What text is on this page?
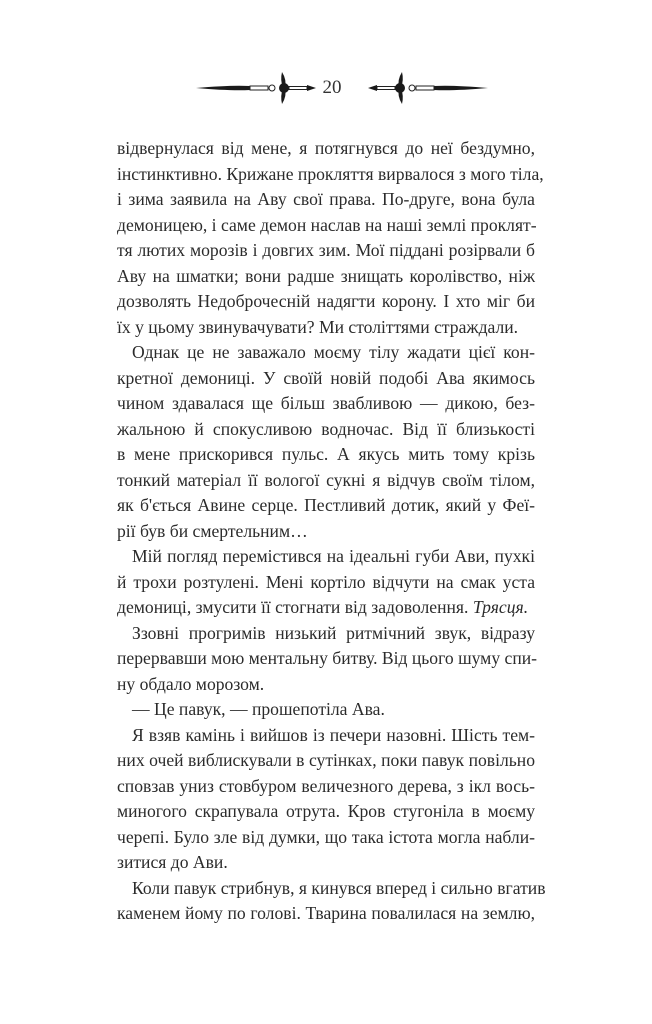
20
відвернулася від мене, я потягнувся до неї бездумно,
інстинктивно. Крижане прокляття вирвалося з мого тіла,
і зима заявила на Аву свої права. По-друге, вона була
демоницею, і саме демон наслав на наші землі проклят-
тя лютих морозів і довгих зим. Мої піддані розірвали б
Аву на шматки; вони радше знищать королівство, ніж
дозволять Недоброчесній надягти корону. І хто міг би
їх у цьому звинувачувати? Ми століттями страждали.
Однак це не заважало моєму тілу жадати цієї кон-
кретної демониці. У своїй новій подобі Ава якимось
чином здавалася ще більш звабливою — дикою, без-
жальною й спокусливою водночас. Від її близькості
в мене прискорився пульс. А якусь мить тому крізь
тонкий матеріал її вологої сукні я відчув своїм тілом,
як б'ється Авине серце. Пестливий дотик, який у Феї-
рії був би смертельним…
Мій погляд перемістився на ідеальні губи Ави, пухкі
й трохи розтулені. Мені кортіло відчути на смак уста
демониці, змусити її стогнати від задоволення. Трясця.
Ззовні прогримів низький ритмічний звук, відразу
перервавши мою ментальну битву. Від цього шуму спи-
ну обдало морозом.
— Це павук, — прошепотіла Ава.
Я взяв камінь і вийшов із печери назовні. Шість тем-
них очей виблискували в сутінках, поки павук повільно
сповзав униз стовбуром величезного дерева, з ікл вось-
миногого скрапувала отрута. Кров стугоніла в моєму
черепі. Було зле від думки, що така істота могла набли-
зитися до Ави.
Коли павук стрибнув, я кинувся вперед і сильно вгатив
каменем йому по голові. Тварина повалилася на землю,
